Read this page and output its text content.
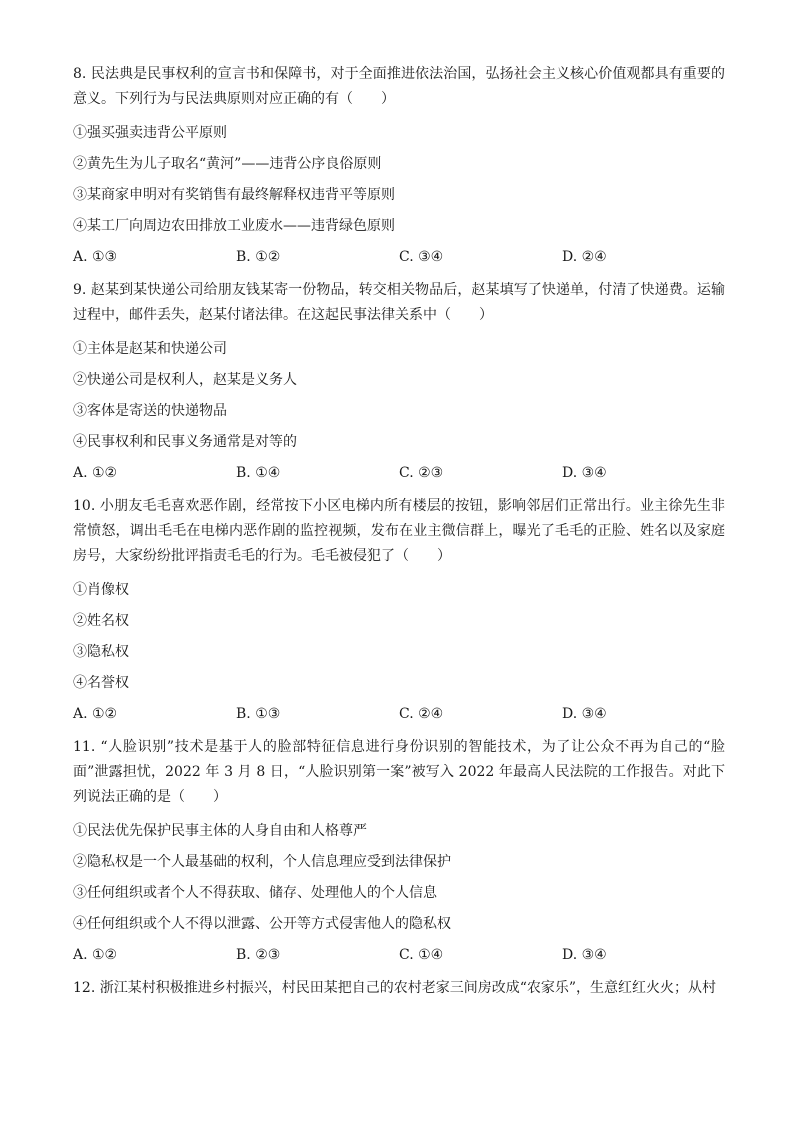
8. 民法典是民事权利的宣言书和保障书，对于全面推进依法治国，弘扬社会主义核心价值观都具有重要的意义。下列行为与民法典原则对应正确的有（　　）

①强买强卖违背公平原则
②黄先生为儿子取名“黄河”——违背公序良俗原则
③某商家申明对有奖销售有最终解释权违背平等原则
④某工厂向周边农田排放工业废水——违背绿色原则
A. ①③	B. ①②	C. ③④	D. ②④

9. 赵某到某快递公司给朋友钱某寄一份物品，转交相关物品后，赵某填写了快递单，付清了快递费。运输过程中，邮件丢失，赵某付诸法律。在这起民事法律关系中（　　）

①主体是赵某和快递公司
②快递公司是权利人，赵某是义务人
③客体是寄送的快递物品
④民事权利和民事义务通常是对等的
A. ①②	B. ①④	C. ②③	D. ③④

10. 小朋友毛毛喜欢恶作剧，经常按下小区电梯内所有楼层的按钮，影响邻居们正常出行。业主徐先生非常愤怒，调出毛毛在电梯内恶作剧的监控视频，发布在业主微信群上，曝光了毛毛的正脸、姓名以及家庭房号，大家纷纷批评指责毛毛的行为。毛毛被侵犯了（　　）

①肖像权
②姓名权
③隐私权
④名誉权
A. ①②	B. ①③	C. ②④	D. ③④

11. “人脸识别”技术是基于人的脸部特征信息进行身份识别的智能技术，为了让公众不再为自己的“脸面”泄露担忧，2022 年 3 月 8 日，“人脸识别第一案”被写入 2022 年最高人民法院的工作报告。对此下列说法正确的是（　　）

①民法优先保护民事主体的人身自由和人格尊严
②隐私权是一个人最基础的权利，个人信息理应受到法律保护
③任何组织或者个人不得获取、储存、处理他人的个人信息
④任何组织或个人不得以泄露、公开等方式侵害他人的隐私权
A. ①②	B. ②③	C. ①④	D. ③④

12. 浙江某村积极推进乡村振兴，村民田某把自己的农村老家三间房改成“农家乐”，生意红红火火；从村
